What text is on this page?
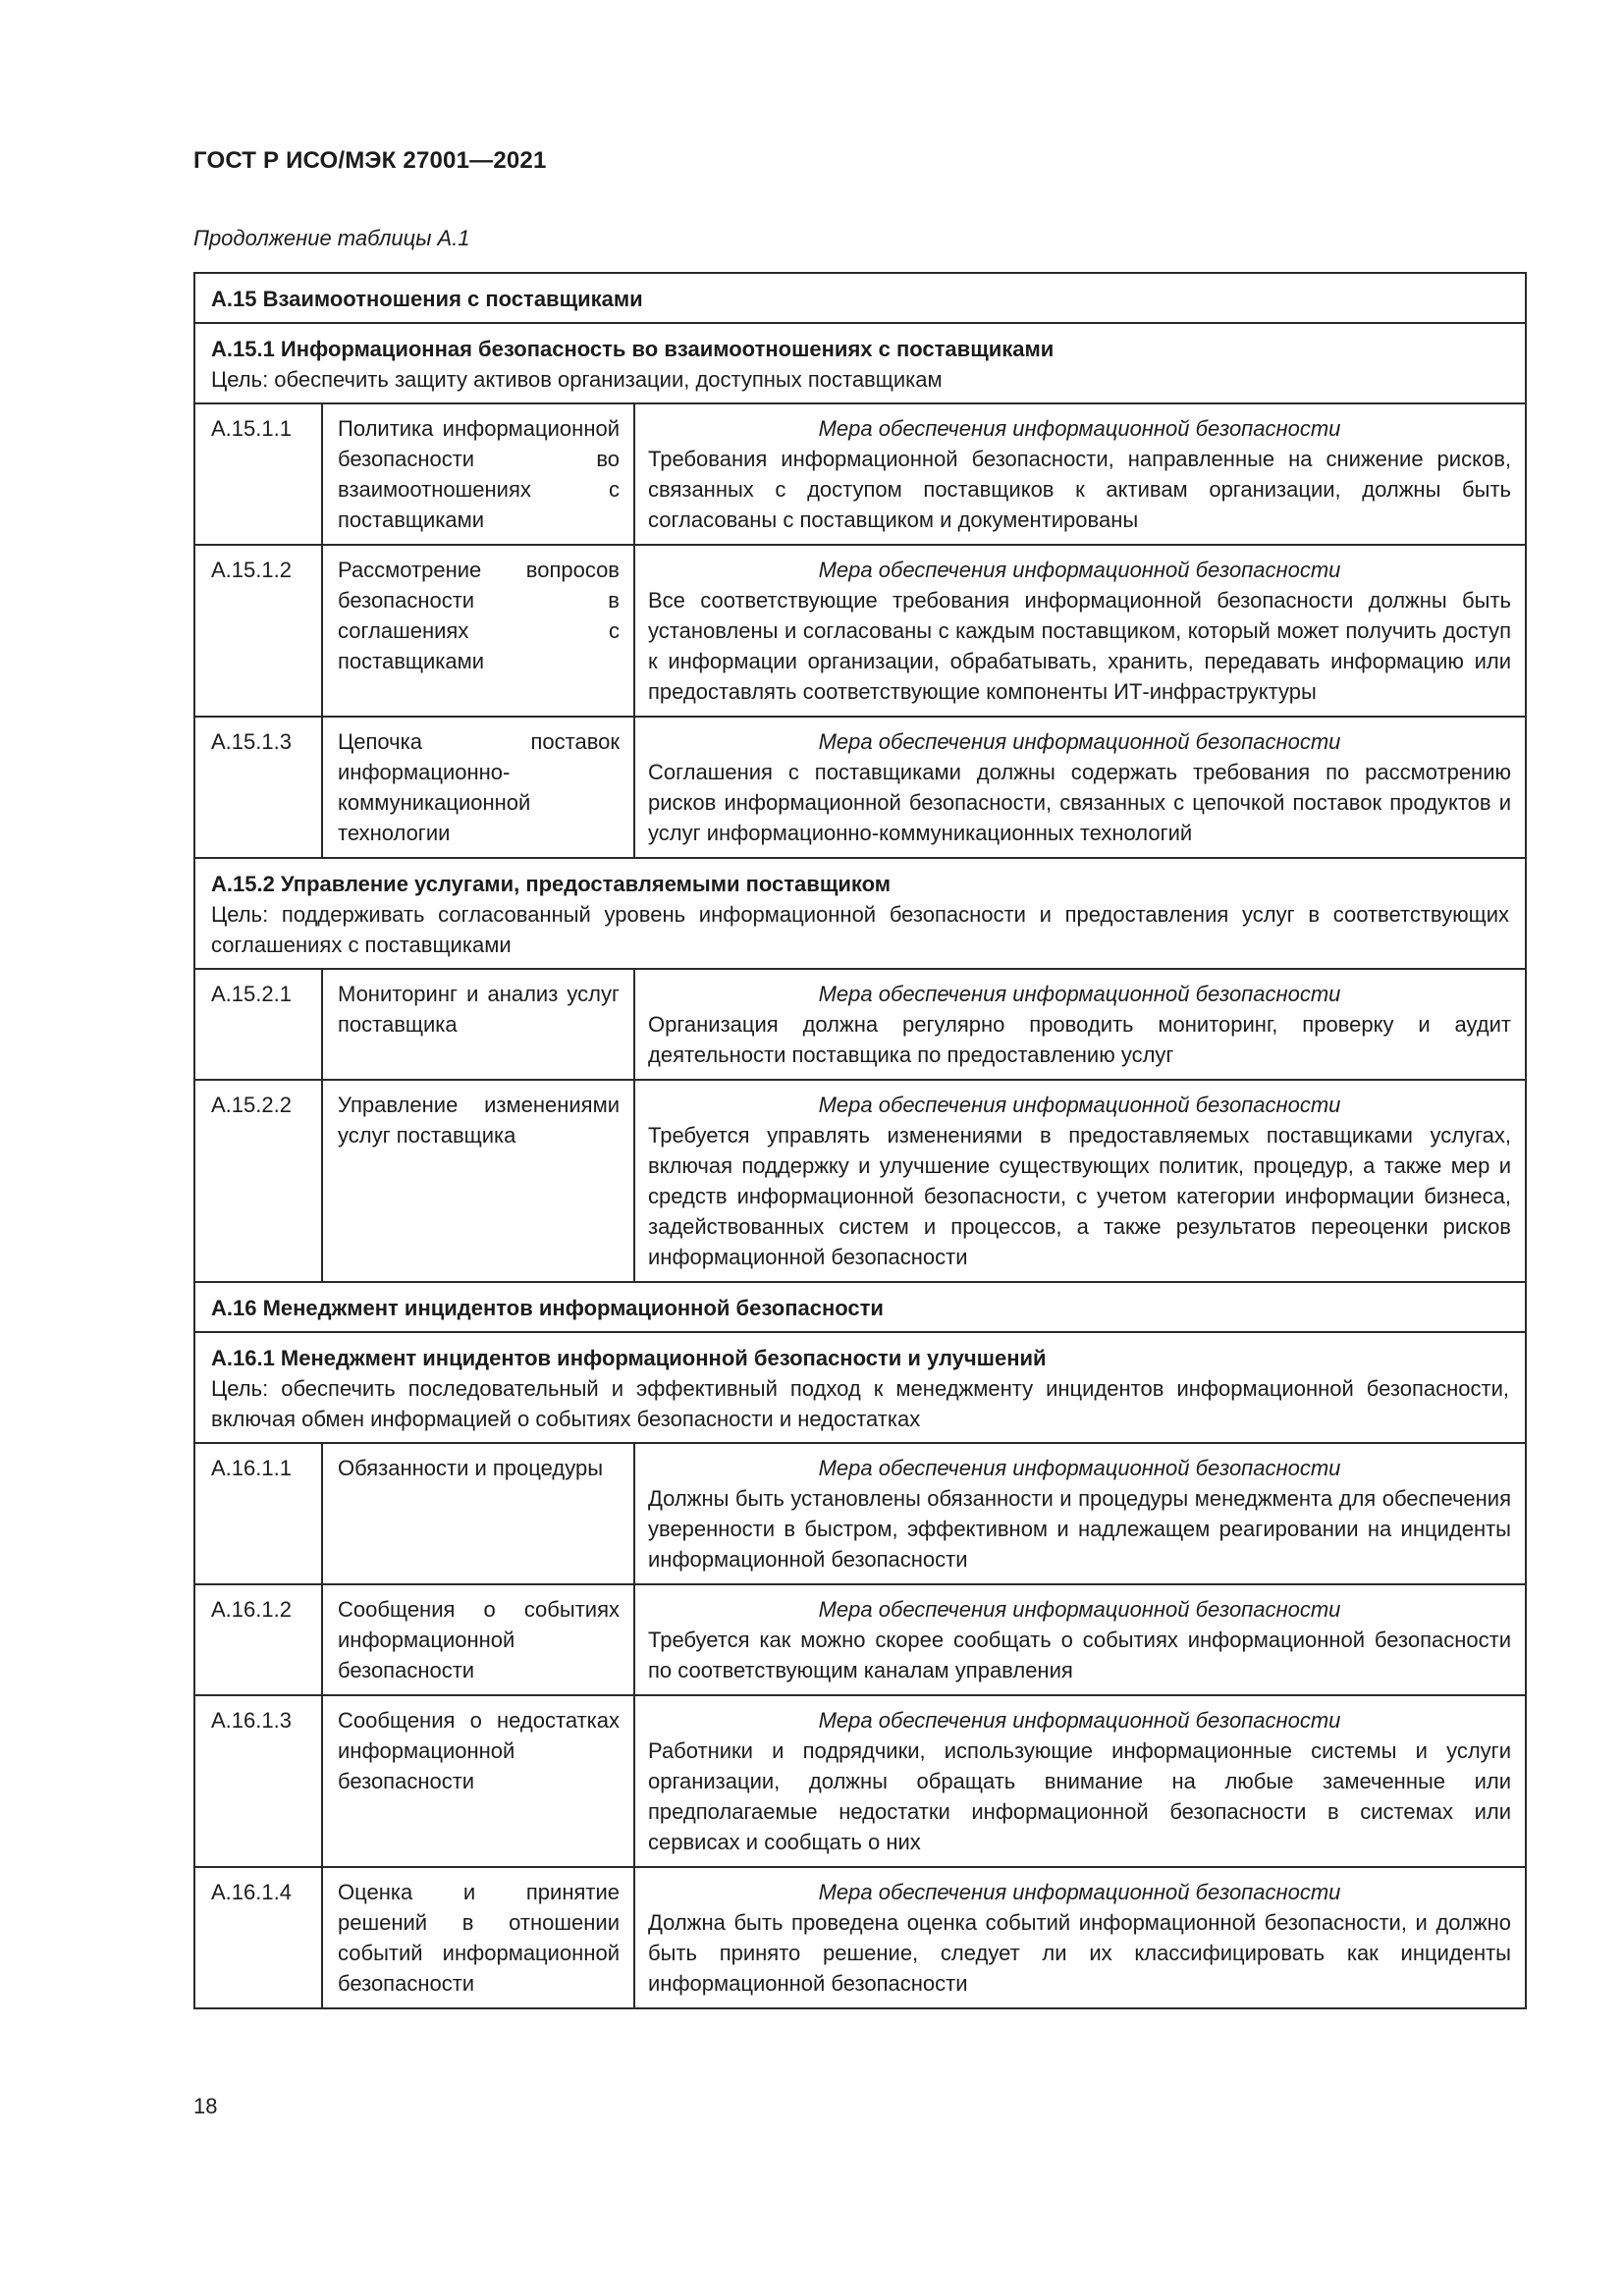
ГОСТ Р ИСО/МЭК 27001—2021
Продолжение таблицы А.1
А.15 Взаимоотношения с поставщиками		

А.15.1 Информационная безопасность во взаимоотношениях с поставщиками
Цель: обеспечить защиту активов организации, доступных поставщикам		

А.15.1.1	Политика информационной безопасности во взаимоотношениях с поставщиками	Мера обеспечения информационной безопасности
Требования информационной безопасности, направленные на снижение рисков, связанных с доступом поставщиков к активам организации, должны быть согласованы с поставщиком и документированы

А.15.1.2	Рассмотрение вопросов безопасности в соглашениях с поставщиками	Мера обеспечения информационной безопасности
Все соответствующие требования информационной безопасности должны быть установлены и согласованы с каждым поставщиком, который может получить доступ к информации организации, обрабатывать, хранить, передавать информацию или предоставлять соответствующие компоненты ИТ-инфраструктуры

А.15.1.3	Цепочка поставок информационно-коммуникационной технологии	Мера обеспечения информационной безопасности
Соглашения с поставщиками должны содержать требования по рассмотрению рисков информационной безопасности, связанных с цепочкой поставок продуктов и услуг информационно-коммуникационных технологий

А.15.2 Управление услугами, предоставляемыми поставщиком
Цель: поддерживать согласованный уровень информационной безопасности и предоставления услуг в соответствующих соглашениях с поставщиками		

А.15.2.1	Мониторинг и анализ услуг поставщика	Мера обеспечения информационной безопасности
Организация должна регулярно проводить мониторинг, проверку и аудит деятельности поставщика по предоставлению услуг

А.15.2.2	Управление изменениями услуг поставщика	Мера обеспечения информационной безопасности
Требуется управлять изменениями в предоставляемых поставщиками услугах, включая поддержку и улучшение существующих политик, процедур, а также мер и средств информационной безопасности, с учетом категории информации бизнеса, задействованных систем и процессов, а также результатов переоценки рисков информационной безопасности

А.16 Менеджмент инцидентов информационной безопасности		

А.16.1 Менеджмент инцидентов информационной безопасности и улучшений
Цель: обеспечить последовательный и эффективный подход к менеджменту инцидентов информационной безопасности, включая обмен информацией о событиях безопасности и недостатках		

А.16.1.1	Обязанности и процедуры	Мера обеспечения информационной безопасности
Должны быть установлены обязанности и процедуры менеджмента для обеспечения уверенности в быстром, эффективном и надлежащем реагировании на инциденты информационной безопасности

А.16.1.2	Сообщения о событиях информационной безопасности	Мера обеспечения информационной безопасности
Требуется как можно скорее сообщать о событиях информационной безопасности по соответствующим каналам управления

А.16.1.3	Сообщения о недостатках информационной безопасности	Мера обеспечения информационной безопасности
Работники и подрядчики, использующие информационные системы и услуги организации, должны обращать внимание на любые замеченные или предполагаемые недостатки информационной безопасности в системах или сервисах и сообщать о них

А.16.1.4	Оценка и принятие решений в отношении событий информационной безопасности	Мера обеспечения информационной безопасности
Должна быть проведена оценка событий информационной безопасности, и должно быть принято решение, следует ли их классифицировать как инциденты информационной безопасности
18
